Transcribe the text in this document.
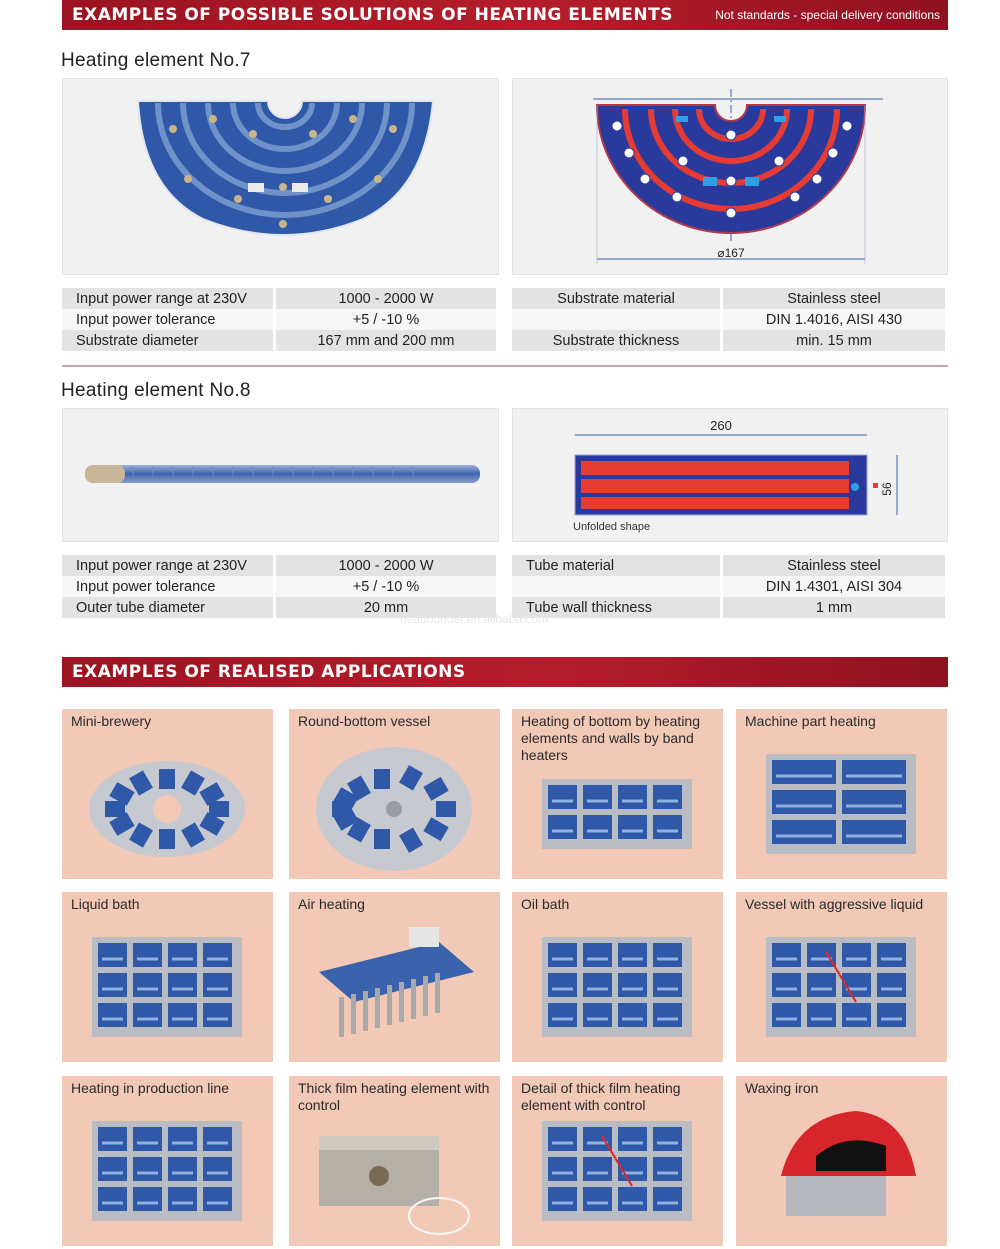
EXAMPLES OF POSSIBLE SOLUTIONS OF HEATING ELEMENTS	Not standards - special delivery conditions
Heating element No.7
⌀167
Input power range at 230V	1000 - 2000 W
Input power tolerance	+5 / -10 %
Substrate diameter	167 mm and 200 mm
Substrate material	Stainless steel
DIN 1.4016, AISI 430
Substrate thickness	min. 15 mm
Heating element No.8
260
56
Unfolded shape
Input power range at 230V	1000 - 2000 W
Input power tolerance	+5 / -10 %
Outer tube diameter	20 mm
Tube material	Stainless steel
DIN 1.4301, AISI 304
Tube wall thickness	1 mm
heatfounder.en.alibaba.com
EXAMPLES OF REALISED APPLICATIONS
Mini-brewery	Round-bottom vessel	Heating of bottom by heating elements and walls by band heaters
Machine part heating
Liquid bath	Air heating	Oil bath	Vessel with aggressive liquid
Heating in production line	Thick film heating element with control
Detail of thick film heating element with control
Waxing iron
